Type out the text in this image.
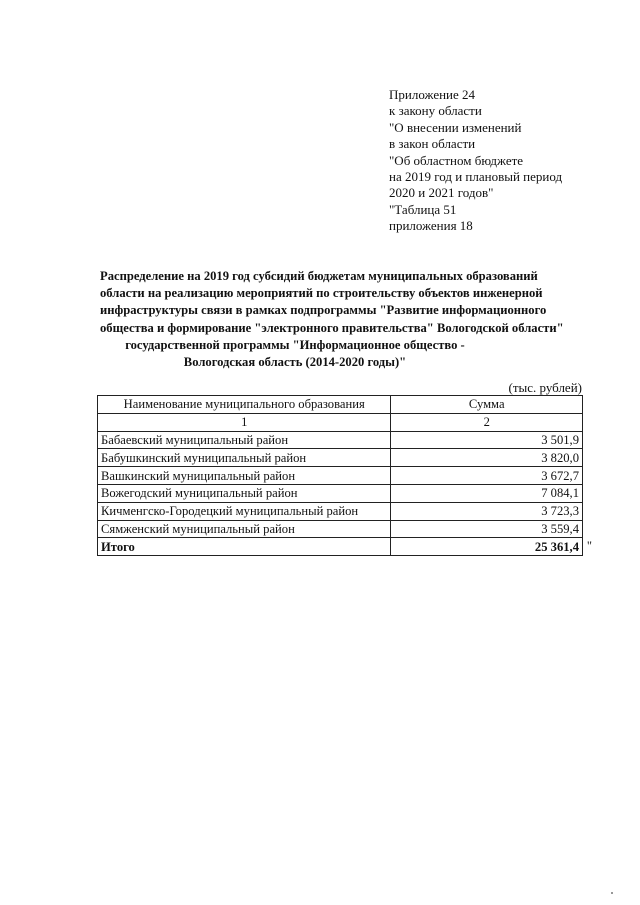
Приложение 24
к закону области
"О внесении изменений
в закон области
"Об областном бюджете
на 2019 год и плановый период
2020 и 2021 годов"
"Таблица 51
приложения 18
Распределение на 2019 год субсидий бюджетам муниципальных образований
области на реализацию мероприятий по строительству объектов инженерной
инфраструктуры связи в рамках подпрограммы "Развитие информационного
общества и формирование "электронного правительства" Вологодской области"
государственной программы "Информационное общество -
Вологодская область (2014-2020 годы)"
(тыс. рублей)
Наименование муниципального образования	Сумма
1	2
Бабаевский муниципальный район	3 501,9
Бабушкинский муниципальный район	3 820,0
Вашкинский муниципальный район	3 672,7
Вожегодский муниципальный район	7 084,1
Кичменгско-Городецкий муниципальный район	3 723,3
Сямженский муниципальный район	3 559,4
Итого	25 361,4 "
